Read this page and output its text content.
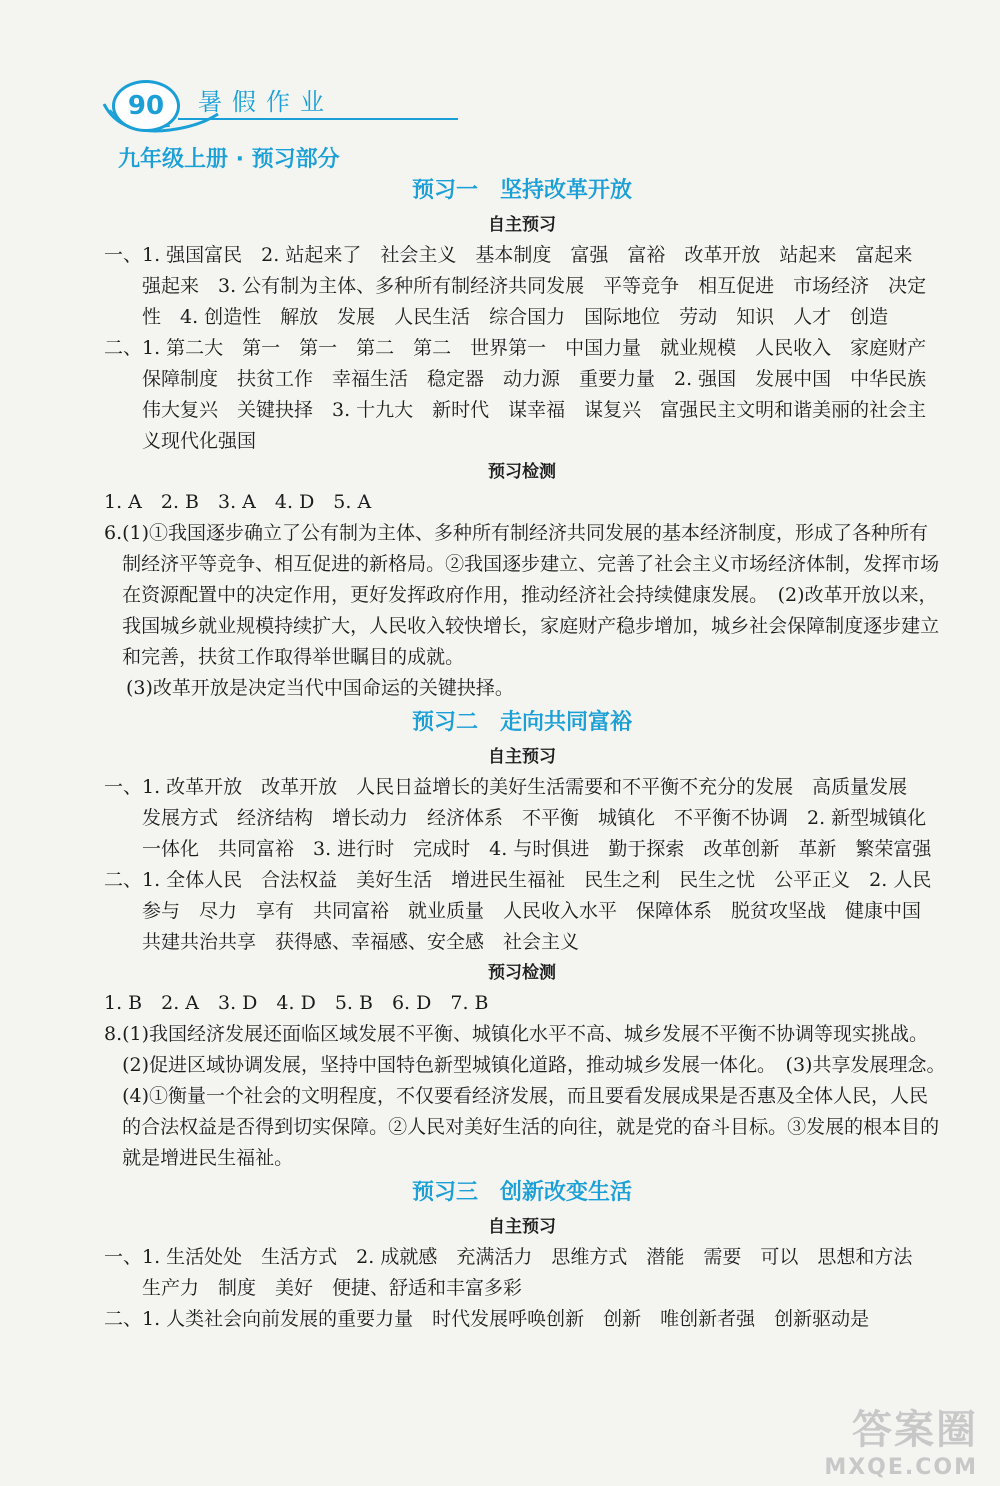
90	暑假作业
九年级上册 · 预习部分
预习一　坚持改革开放
自主预习
一、 1. 强国富民　2. 站起来了　社会主义　基本制度　富强　富裕　改革开放　站起来　富起来　强起来　3. 公有制为主体、多种所有制经济共同发展　平等竞争　相互促进　市场经济　决定性　4. 创造性　解放　发展　人民生活　综合国力　国际地位　劳动　知识　人才　创造
二、 1. 第二大　第一　第一　第二　第二　世界第一　中国力量　就业规模　人民收入　家庭财产　保障制度　扶贫工作　幸福生活　稳定器　动力源　重要力量　2. 强国　发展中国　中华民族伟大复兴　关键抉择　3. 十九大　新时代　谋幸福　谋复兴　富强民主文明和谐美丽的社会主义现代化强国
预习检测

1. A　2. B　3. A　4. D　5. A

6. (1)①我国逐步确立了公有制为主体、多种所有制经济共同发展的基本经济制度，形成了各种所有制经济平等竞争、相互促进的新格局。②我国逐步建立、完善了社会主义市场经济体制，发挥市场在资源配置中的决定作用，更好发挥政府作用，推动经济社会持续健康发展。　(2)改革开放以来，我国城乡就业规模持续扩大，人民收入较快增长，家庭财产稳步增加，城乡社会保障制度逐步建立和完善，扶贫工作取得举世瞩目的成就。

(3)改革开放是决定当代中国命运的关键抉择。

预习二　走向共同富裕
自主预习
一、 1. 改革开放　改革开放　人民日益增长的美好生活需要和不平衡不充分的发展　高质量发展　发展方式　经济结构　增长动力　经济体系　不平衡　城镇化　不平衡不协调　2. 新型城镇化　一体化　共同富裕　3. 进行时　完成时　4. 与时俱进　勤于探索　改革创新　革新　繁荣富强
二、 1. 全体人民　合法权益　美好生活　增进民生福祉　民生之利　民生之忧　公平正义　2. 人民　参与　尽力　享有　共同富裕　就业质量　人民收入水平　保障体系　脱贫攻坚战　健康中国　共建共治共享　获得感、幸福感、安全感　社会主义
预习检测

1. B　2. A　3. D　4. D　5. B　6. D　7. B

8. (1)我国经济发展还面临区域发展不平衡、城镇化水平不高、城乡发展不平衡不协调等现实挑战。　(2)促进区域协调发展，坚持中国特色新型城镇化道路，推动城乡发展一体化。　(3)共享发展理念。　(4)①衡量一个社会的文明程度，不仅要看经济发展，而且要看发展成果是否惠及全体人民，人民的合法权益是否得到切实保障。②人民对美好生活的向往，就是党的奋斗目标。③发展的根本目的就是增进民生福祉。
预习三　创新改变生活
自主预习
一、 1. 生活处处　生活方式　2. 成就感　充满活力　思维方式　潜能　需要　可以　思想和方法　生产力　制度　美好　便捷、舒适和丰富多彩
二、 1. 人类社会向前发展的重要力量　时代发展呼唤创新　创新　唯创新者强　创新驱动是
答案圈
MXQE.COM
